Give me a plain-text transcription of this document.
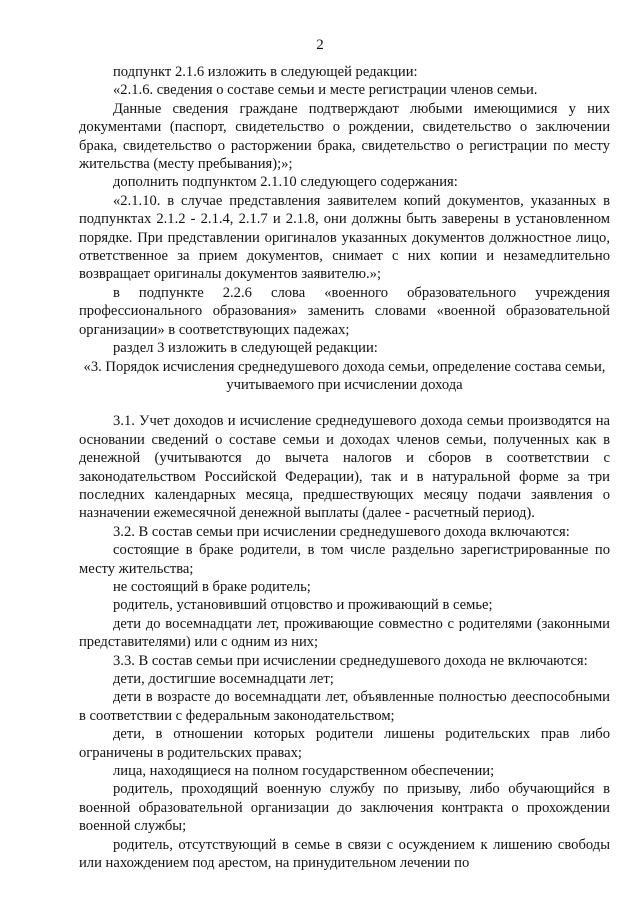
2

подпункт 2.1.6 изложить в следующей редакции:

«2.1.6. сведения о составе семьи и месте регистрации членов семьи.

Данные сведения граждане подтверждают любыми имеющимися у них документами (паспорт, свидетельство о рождении, свидетельство о заключении брака, свидетельство о расторжении брака, свидетельство о регистрации по месту жительства (месту пребывания);»;

дополнить подпунктом 2.1.10 следующего содержания:

«2.1.10. в случае представления заявителем копий документов, указанных в подпунктах 2.1.2 - 2.1.4, 2.1.7 и 2.1.8, они должны быть заверены в установленном порядке. При представлении оригиналов указанных документов должностное лицо, ответственное за прием документов, снимает с них копии и незамедлительно возвращает оригиналы документов заявителю.»;

в подпункте 2.2.6 слова «военного образовательного учреждения профессионального образования» заменить словами «военной образовательной организации» в соответствующих падежах;

раздел 3 изложить в следующей редакции:

«3. Порядок исчисления среднедушевого дохода семьи, определение состава семьи, учитываемого при исчислении дохода

3.1. Учет доходов и исчисление среднедушевого дохода семьи производятся на основании сведений о составе семьи и доходах членов семьи, полученных как в денежной (учитываются до вычета налогов и сборов в соответствии с законодательством Российской Федерации), так и в натуральной форме за три последних календарных месяца, предшествующих месяцу подачи заявления о назначении ежемесячной денежной выплаты (далее - расчетный период).

3.2. В состав семьи при исчислении среднедушевого дохода включаются:

состоящие в браке родители, в том числе раздельно зарегистрированные по месту жительства;

не состоящий в браке родитель;

родитель, установивший отцовство и проживающий в семье;

дети до восемнадцати лет, проживающие совместно с родителями (законными представителями) или с одним из них;

3.3. В состав семьи при исчислении среднедушевого дохода не включаются:

дети, достигшие восемнадцати лет;

дети в возрасте до восемнадцати лет, объявленные полностью дееспособными в соответствии с федеральным законодательством;

дети, в отношении которых родители лишены родительских прав либо ограничены в родительских правах;

лица, находящиеся на полном государственном обеспечении;

родитель, проходящий военную службу по призыву, либо обучающийся в военной образовательной организации до заключения контракта о прохождении военной службы;

родитель, отсутствующий в семье в связи с осуждением к лишению свободы или нахождением под арестом, на принудительном лечении по
